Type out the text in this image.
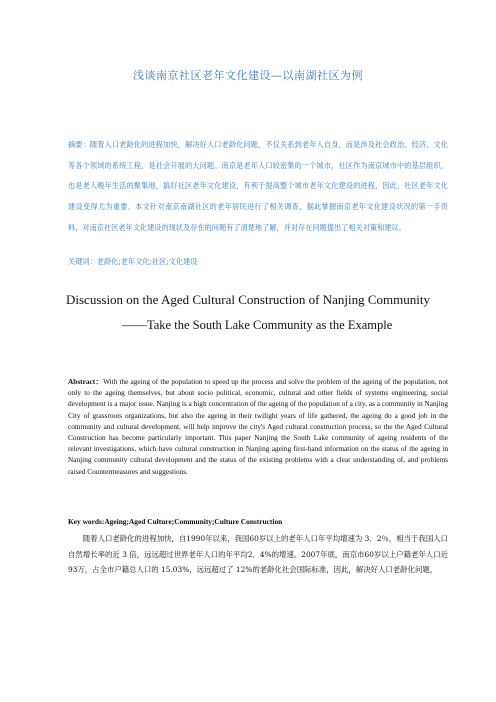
浅谈南京社区老年文化建设—以南湖社区为例

摘要：随着人口老龄化的进程加快，解决好人口老龄化问题，不仅关系到老年人自身，而是涉及社会政治、经济、文化等各个领域的系统工程，是社会开展的大问题。南京是老年人口较密集的一个城市，社区作为南京城市中的基层组织，也是老人晚年生活的聚集地，搞好社区老年文化建设，有利于提高整个城市老年文化建设的进程，因此，社区老年文化建设变得尤为重要。本文针对南京南湖社区的老年居民进行了相关调查，据此掌握南京老年文化建设状况的第一手资料，对南京社区老年文化建设的现状及存在的问题有了清楚地了解，并对存在问题提出了相关对策和建议。

关键词：老龄化;老年文化;社区;文化建设

Discussion on the Aged Cultural Construction of Nanjing Community
——Take the South Lake Community as the Example

Abstract：With the ageing of the population to speed up the process and solve the problem of the ageing of the population, not only to the ageing themselves, but about socio political, economic, cultural and other fields of systems engineering, social development is a major issue. Nanjing is a high concentration of the ageing of the population of a city, as a community in Nanjing City of grassroots organizations, but also the ageing in their twilight years of life gathered, the ageing do a good job in the community and cultural development, will help improve the city's Aged cultural construction process, so the the Aged Cultural Construction has become particularly important. This paper Nanjing the South Lake community of ageing residents of the relevant investigations, which have cultural construction in Nanjing ageing first-hand information on the status of the ageing in Nanjing community cultural development and the status of the existing problems with a clear understanding of, and problems raised Countermeasures and suggestions.

Key words:Ageing;Aged Culture;Community;Culture Construction

随着人口老龄化的进程加快，自1990年以来，我国60岁以上的老年人口年平均增速为 3．2％，相当于我国人口自然增长率的近 3 倍，远远超过世界老年人口的年平均2．4%的增速。2007年底，南京市60岁以上户籍老年人口近93万，占全市户籍总人口的 15.03%，远远超过了 12%的老龄化社会国际标准，因此，解决好人口老龄化问题，
